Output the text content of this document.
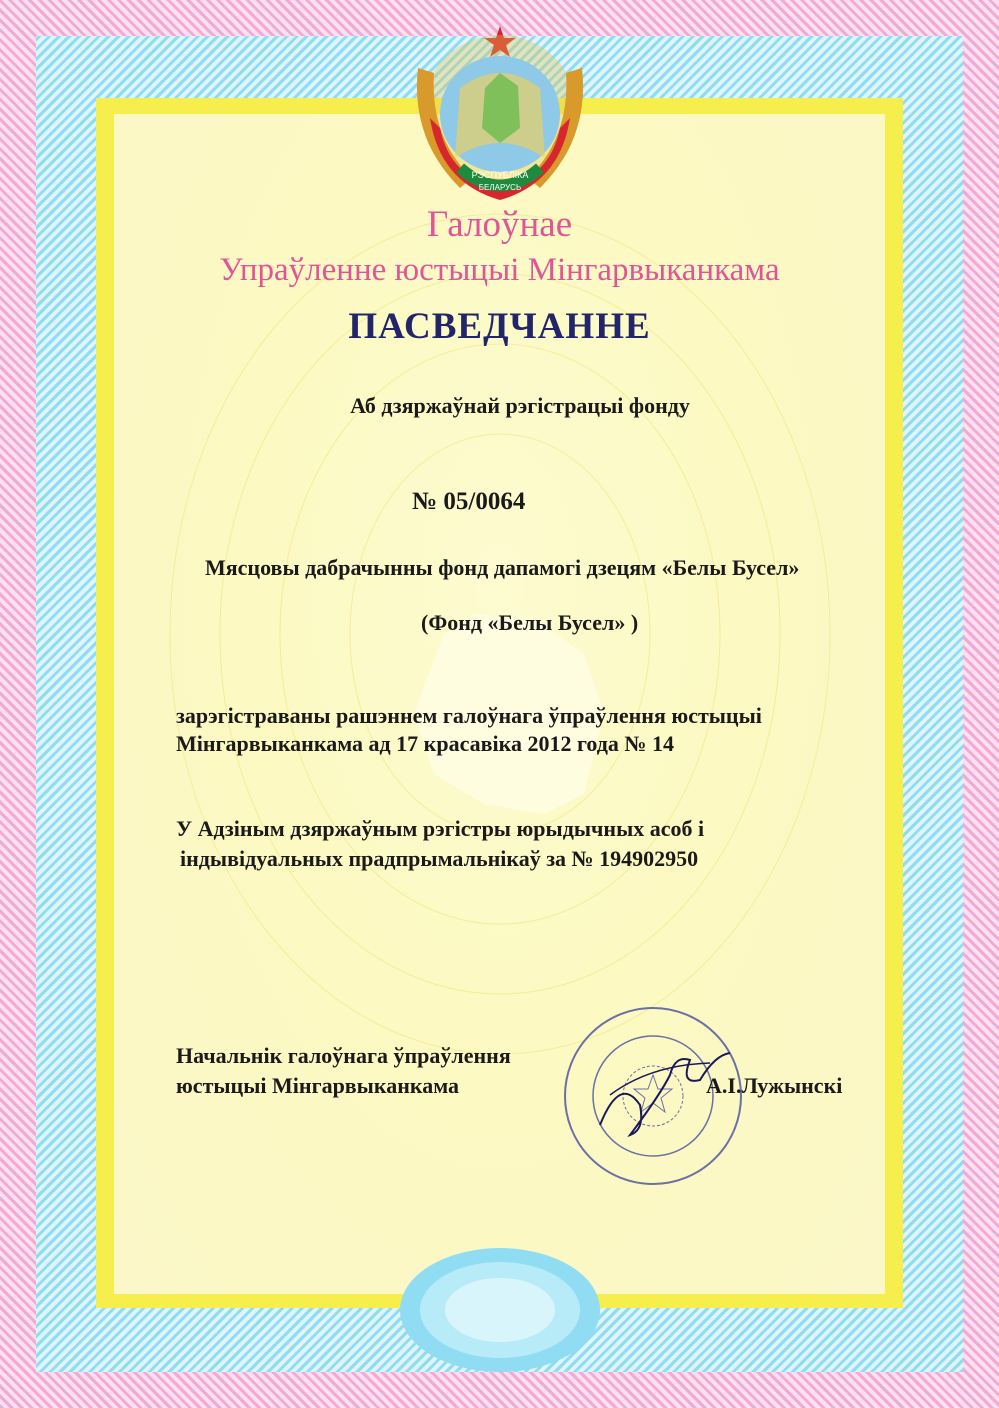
РЭСПУБЛІКА
БЕЛАРУСЬ
Галоўнае
Упраўленне юстыцыі Мінгарвыканкама
ПАСВЕДЧАННЕ
Аб дзяржаўнай рэгістрацыі фонду
№ 05/0064
Мясцовы дабрачынны фонд дапамогі дзецям «Белы Бусел»
(Фонд «Белы Бусел» )
зарэгістраваны рашэннем галоўнага ўпраўлення юстыцыі
Мінгарвыканкама ад 17 красавіка 2012 года № 14
У Адзіным дзяржаўным рэгістры юрыдычных асоб і
індывідуальных прадпрымальнікаў за № 194902950
Начальнік галоўнага ўпраўлення
юстыцыі Мінгарвыканкама	А.І.Лужынскі
